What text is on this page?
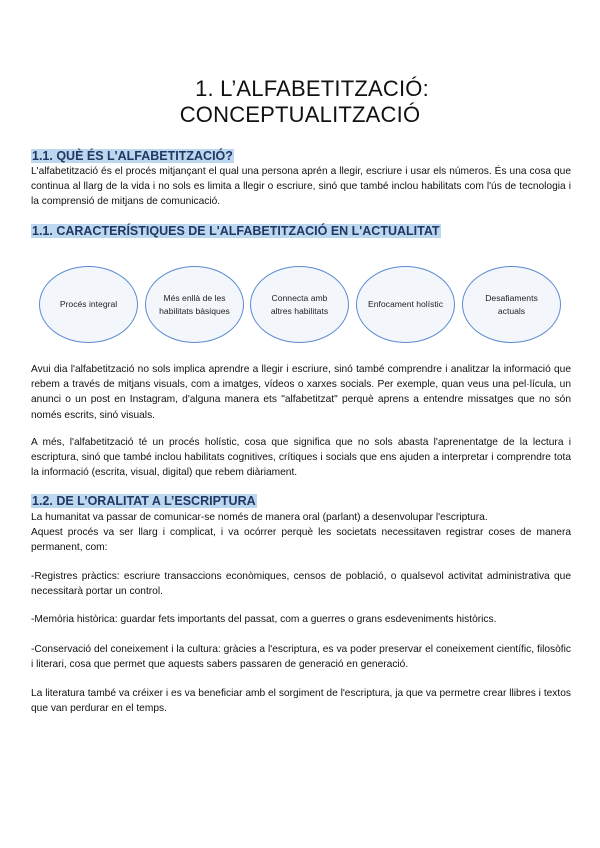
1. L’ALFABETITZACIÓ:
CONCEPTUALITZACIÓ
1.1. QUÈ ÉS L'ALFABETITZACIÓ?

L'alfabetització és el procés mitjançant el qual una persona aprén a llegir, escriure i usar els números. És una cosa que continua al llarg de la vida i no sols es limita a llegir o escriure, sinó que també inclou habilitats com l'ús de tecnologia i la comprensió de mitjans de comunicació.

1.1. CARACTERÍSTIQUES DE L'ALFABETITZACIÓ EN L'ACTUALITAT
Procés integral
Més enllà de les habilitats bàsiques
Connecta amb altres habilitats
Enfocament holístic
Desafiaments actuals

Avui dia l'alfabetització no sols implica aprendre a llegir i escriure, sinó també comprendre i analitzar la informació que rebem a través de mitjans visuals, com a imatges, vídeos o xarxes socials. Per exemple, quan veus una pel·lícula, un anunci o un post en Instagram, d'alguna manera ets "alfabetitzat" perquè aprens a entendre missatges que no són només escrits, sinó visuals.

A més, l'alfabetització té un procés holístic, cosa que significa que no sols abasta l'aprenentatge de la lectura i escriptura, sinó que també inclou habilitats cognitives, crítiques i socials que ens ajuden a interpretar i comprendre tota la informació (escrita, visual, digital) que rebem diàriament.

1.2. DE L’ORALITAT A L’ESCRIPTURA

La humanitat va passar de comunicar-se només de manera oral (parlant) a desenvolupar l'escriptura.

Aquest procés va ser llarg i complicat, i va ocórrer perquè les societats necessitaven registrar coses de manera permanent, com:

-Registres pràctics: escriure transaccions econòmiques, censos de població, o qualsevol activitat administrativa que necessitarà portar un control.

-Memòria històrica: guardar fets importants del passat, com a guerres o grans esdeveniments històrics.

-Conservació del coneixement i la cultura: gràcies a l'escriptura, es va poder preservar el coneixement científic, filosòfic i literari, cosa que permet que aquests sabers passaren de generació en generació.

La literatura també va créixer i es va beneficiar amb el sorgiment de l'escriptura, ja que va permetre crear llibres i textos que van perdurar en el temps.
